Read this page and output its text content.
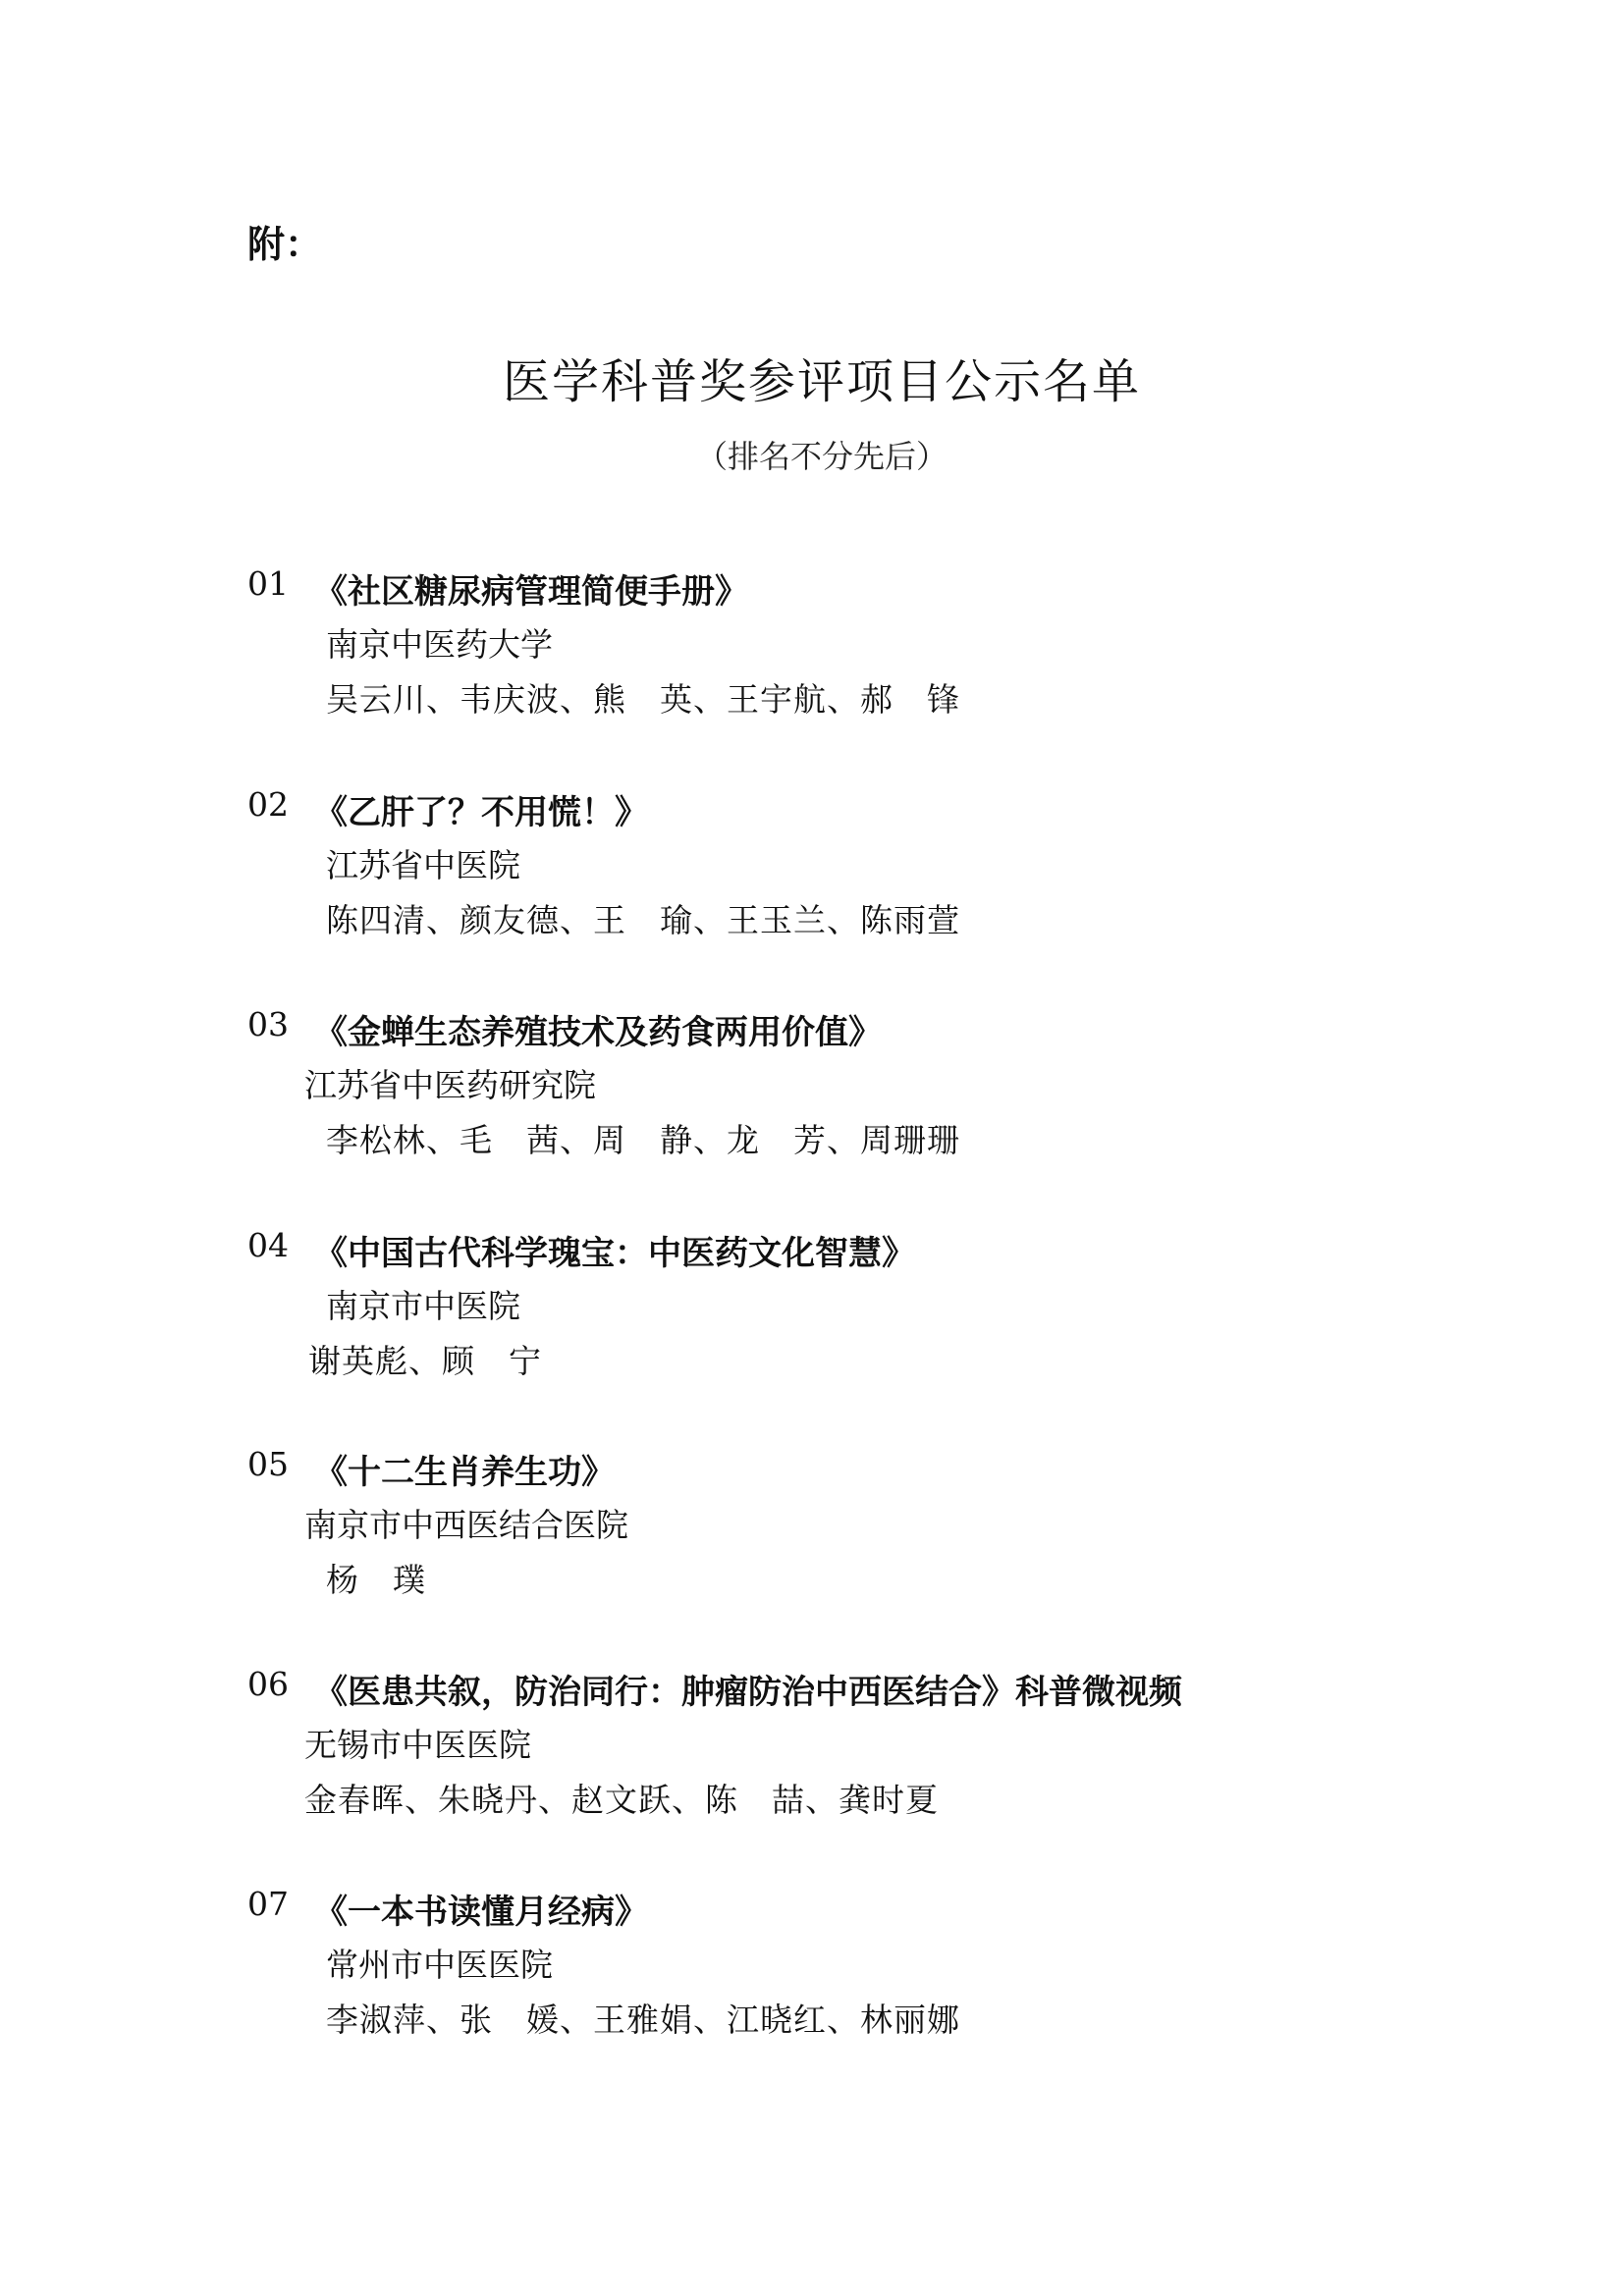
附：
医学科普奖参评项目公示名单
（排名不分先后）
01 《社区糖尿病管理简便手册》
南京中医药大学
吴云川、韦庆波、熊　英、王宇航、郝　锋
02 《乙肝了？不用慌！》
江苏省中医院
陈四清、颜友德、王　瑜、王玉兰、陈雨萱
03 《金蝉生态养殖技术及药食两用价值》
江苏省中医药研究院
李松林、毛　茜、周　静、龙　芳、周珊珊
04 《中国古代科学瑰宝：中医药文化智慧》
南京市中医院
谢英彪、顾　宁
05 《十二生肖养生功》
南京市中西医结合医院
杨　璞
06 《医患共叙，防治同行：肿瘤防治中西医结合》科普微视频
无锡市中医医院
金春晖、朱晓丹、赵文跃、陈　喆、龚时夏
07 《一本书读懂月经病》
常州市中医医院
李淑萍、张　媛、王雅娟、江晓红、林丽娜
